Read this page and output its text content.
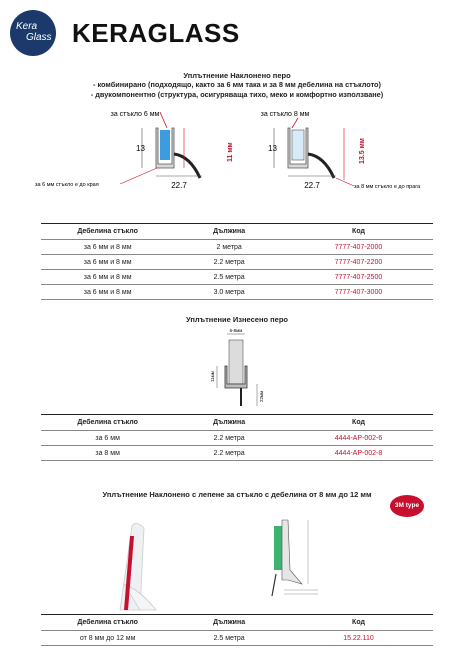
Kera
Glass KERAGLASS
Уплътнение Наклонено перо
- комбинирано (подходящо, както за 6 мм така и за 8 мм дебелина на стъклото)
- двукомпонентно (структура, осигуряваща тихо, меко и комфортно използване)
за стъкло 6 мм
13	11 мм
22.7
за 6 мм стъкло е до края
за стъкло 8 мм
13	13.5 мм
22.7	за 8 мм стъкло е до прага
Дебелина стъкло	Дължина	Код
за 6 мм и 8 мм	2 метра	7777-407-2000
за 6 мм и 8 мм	2.2 метра	7777-407-2200
за 6 мм и 8 мм	2.5 метра	7777-407-2500
за 6 мм и 8 мм	3.0 метра	7777-407-3000
Уплътнение Изнесено перо
6-8мм
11мм
22мм
Дебелина стъкло	Дължина	Код
за 6 мм	2.2 метра	4444-AP-002-6
за 8 мм	2.2 метра	4444-AP-002-8
Уплътнение Наклонено с лепене за стъкло с дебелина от 8 мм до 12 мм
3M type
Дебелина стъкло	Дължина	Код
от 8 мм до 12 мм	2.5 метра	15.22.110
